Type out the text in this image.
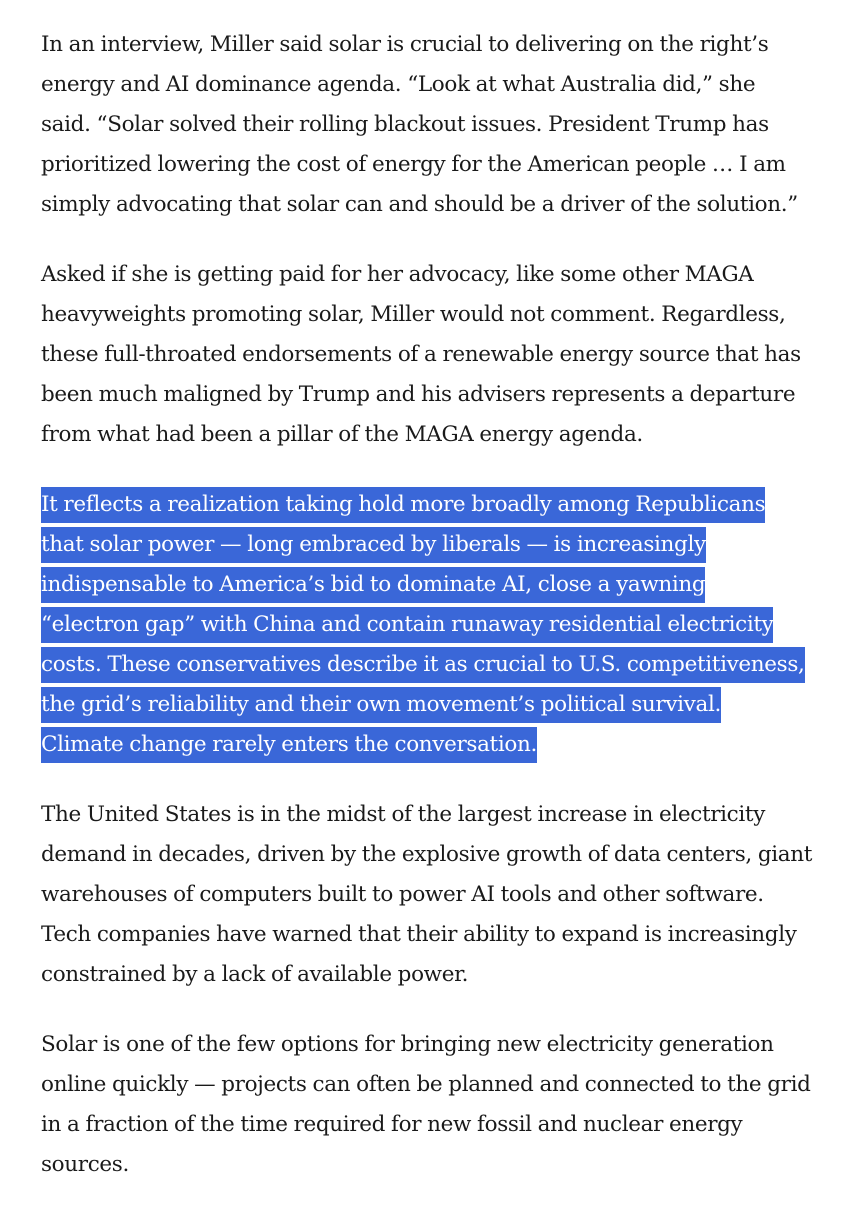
In an interview, Miller said solar is crucial to delivering on the right’s
energy and AI dominance agenda. “Look at what Australia did,” she
said. “Solar solved their rolling blackout issues. President Trump has
prioritized lowering the cost of energy for the American people … I am
simply advocating that solar can and should be a driver of the solution.”

Asked if she is getting paid for her advocacy, like some other MAGA
heavyweights promoting solar, Miller would not comment. Regardless,
these full-throated endorsements of a renewable energy source that has
been much maligned by Trump and his advisers represents a departure
from what had been a pillar of the MAGA energy agenda.

It reflects a realization taking hold more broadly among Republicans
that solar power — long embraced by liberals — is increasingly
indispensable to America’s bid to dominate AI, close a yawning
“electron gap” with China and contain runaway residential electricity
costs. These conservatives describe it as crucial to U.S. competitiveness,
the grid’s reliability and their own movement’s political survival.
Climate change rarely enters the conversation.

The United States is in the midst of the largest increase in electricity
demand in decades, driven by the explosive growth of data centers, giant
warehouses of computers built to power AI tools and other software.
Tech companies have warned that their ability to expand is increasingly
constrained by a lack of available power.

Solar is one of the few options for bringing new electricity generation
online quickly — projects can often be planned and connected to the grid
in a fraction of the time required for new fossil and nuclear energy
sources.
